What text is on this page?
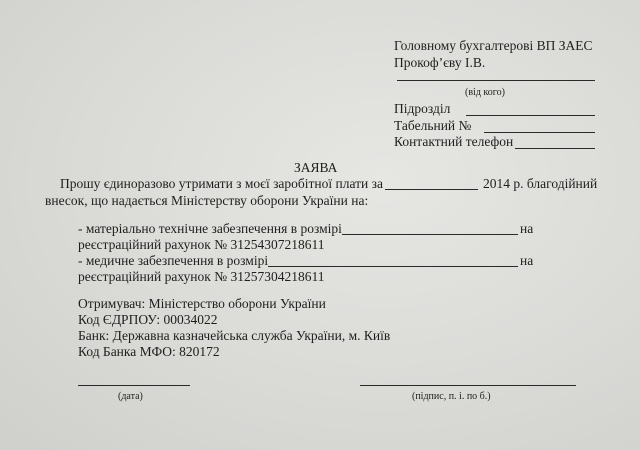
Головному бухгалтерові ВП ЗАЕС
Прокоф’єву І.В.
(від кого)
Підрозділ
Табельний №
Контактний телефон
ЗАЯВА
Прошу єдиноразово утримати з моєї заробітної плати за	2014 р. благодійний
внесок, що надається Міністерству оборони України на:
- матеріально технічне забезпечення в розмірі	на
реєстраційний рахунок № 31254307218611
- медичне забезпечення в розмірі	на
реєстраційний рахунок № 31257304218611
Отримувач: Міністерство оборони України
Код ЄДРПОУ: 00034022
Банк: Державна казначейська служба України, м. Київ
Код Банка МФО: 820172
(дата)	(підпис, п. і. по б.)
